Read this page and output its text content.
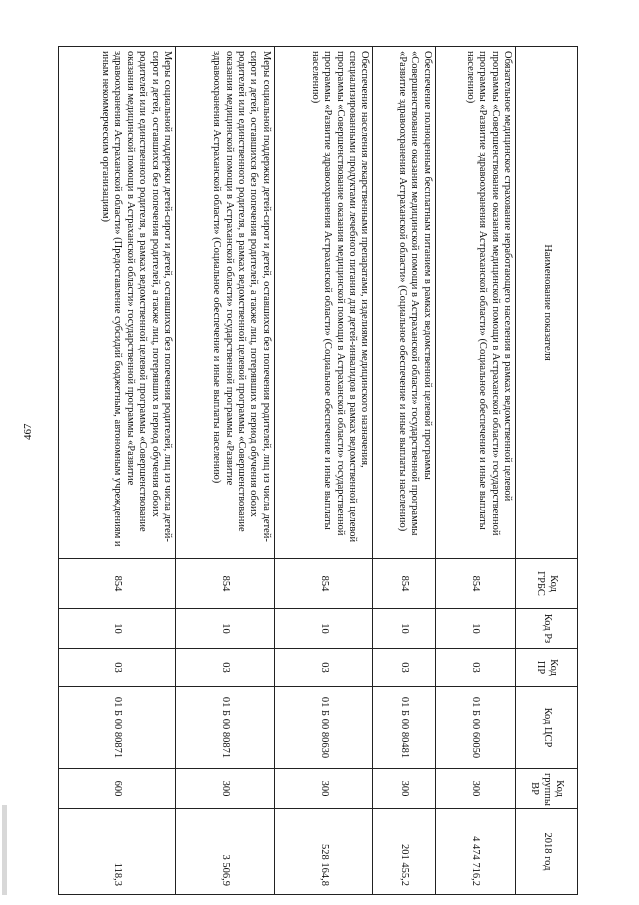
467
Наименование показателя	Код ГРБС	Код Рз	Код ПР	Код ЦСР	Код группы ВР	2018 год
Обязательное медицинское страхование неработающего населения в рамках ведомственной целевой программы «Совершенствование оказания медицинской помощи в Астраханской области» государственной программы «Развитие здравоохранения Астраханской области» (Социальное обеспечение и иные выплаты населению)	854	10	03	01 Б 00 60050	300	4 474 716,2
Обеспечение полноценным бесплатным питанием в рамках ведомственной целевой программы «Совершенствование оказания медицинской помощи в Астраханской области» государственной программы «Развитие здравоохранения Астраханской области» (Социальное обеспечение и иные выплаты населению)	854	10	03	01 Б 00 80481	300	201 455,2
Обеспечение населения лекарственными препаратами, изделиями медицинского назначения, специализированными продуктами лечебного питания для детей-инвалидов в рамках ведомственной целевой программы «Совершенствование оказания медицинской помощи в Астраханской области» государственной программы «Развитие здравоохранения Астраханской области» (Социальное обеспечение и иные выплаты населению)	854	10	03	01 Б 00 80630	300	528 164,8
Меры социальной поддержки детей-сирот и детей, оставшихся без попечения родителей, лиц из числа детей-сирот и детей, оставшихся без попечения родителей, а также лиц, потерявших в период обучения обоих родителей или единственного родителя, в рамках ведомственной целевой программы «Совершенствование оказания медицинской помощи в Астраханской области» государственной программы «Развитие здравоохранения Астраханской области» (Социальное обеспечение и иные выплаты населению)	854	10	03	01 Б 00 80871	300	3 506,9
Меры социальной поддержки детей-сирот и детей, оставшихся без попечения родителей, лиц из числа детей-сирот и детей, оставшихся без попечения родителей, а также лиц, потерявших в период обучения обоих родителей или единственного родителя, в рамках ведомственной целевой программы «Совершенствование оказания медицинской помощи в Астраханской области» государственной программы «Развитие здравоохранения Астраханской области» (Предоставление субсидий бюджетным, автономным учреждениям и иным некоммерческим организациям)	854	10	03	01 Б 00 80871	600	118,3
